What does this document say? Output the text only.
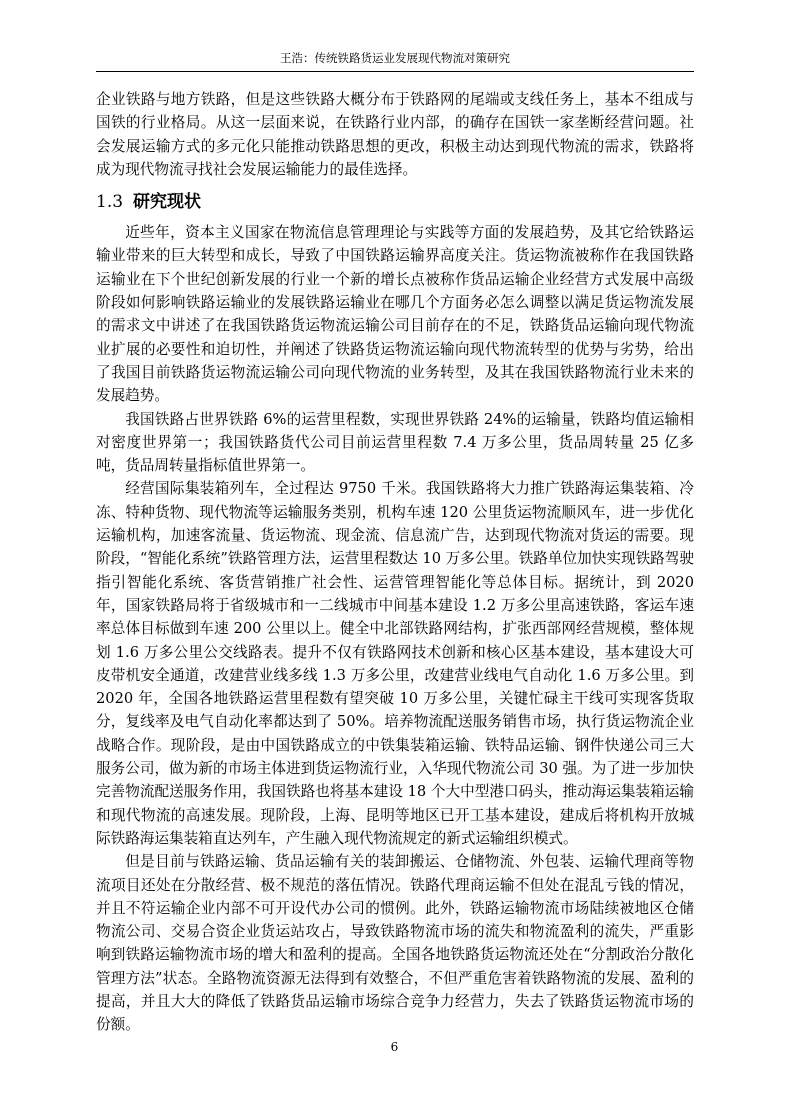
王浩：传统铁路货运业发展现代物流对策研究

企业铁路与地方铁路，但是这些铁路大概分布于铁路网的尾端或支线任务上，基本不组成与国铁的行业格局。从这一层面来说，在铁路行业内部，的确存在国铁一家垄断经营问题。社会发展运输方式的多元化只能推动铁路思想的更改，积极主动达到现代物流的需求，铁路将成为现代物流寻找社会发展运输能力的最佳选择。

1.3 研究现状

近些年，资本主义国家在物流信息管理理论与实践等方面的发展趋势，及其它给铁路运输业带来的巨大转型和成长，导致了中国铁路运输界高度关注。货运物流被称作在我国铁路运输业在下个世纪创新发展的行业一个新的增长点被称作货品运输企业经营方式发展中高级阶段如何影响铁路运输业的发展铁路运输业在哪几个方面务必怎么调整以满足货运物流发展的需求文中讲述了在我国铁路货运物流运输公司目前存在的不足，铁路货品运输向现代物流业扩展的必要性和迫切性，并阐述了铁路货运物流运输向现代物流转型的优势与劣势，给出了我国目前铁路货运物流运输公司向现代物流的业务转型，及其在我国铁路物流行业未来的发展趋势。

我国铁路占世界铁路 6%的运营里程数，实现世界铁路 24%的运输量，铁路均值运输相对密度世界第一；我国铁路货代公司目前运营里程数 7.4 万多公里，货品周转量 25 亿多吨，货品周转量指标值世界第一。

经营国际集装箱列车，全过程达 9750 千米。我国铁路将大力推广铁路海运集装箱、冷冻、特种货物、现代物流等运输服务类别，机构车速 120 公里货运物流顺风车，进一步优化运输机构，加速客流量、货运物流、现金流、信息流广告，达到现代物流对货运的需要。现阶段，“智能化系统”铁路管理方法，运营里程数达 10 万多公里。铁路单位加快实现铁路驾驶指引智能化系统、客货营销推广社会性、运营管理智能化等总体目标。据统计，到 2020 年，国家铁路局将于省级城市和一二线城市中间基本建设 1.2 万多公里高速铁路，客运车速率总体目标做到车速 200 公里以上。健全中北部铁路网结构，扩张西部网经营规模，整体规划 1.6 万多公里公交线路表。提升不仅有铁路网技术创新和核心区基本建设，基本建设大可皮带机安全通道，改建营业线多线 1.3 万多公里，改建营业线电气自动化 1.6 万多公里。到 2020 年，全国各地铁路运营里程数有望突破 10 万多公里，关键忙碌主干线可实现客货取分，复线率及电气自动化率都达到了 50%。培养物流配送服务销售市场，执行货运物流企业战略合作。现阶段，是由中国铁路成立的中铁集装箱运输、铁特品运输、钢件快递公司三大服务公司，做为新的市场主体进到货运物流行业，入华现代物流公司 30 强。为了进一步加快完善物流配送服务作用，我国铁路也将基本建设 18 个大中型港口码头，推动海运集装箱运输和现代物流的高速发展。现阶段，上海、昆明等地区已开工基本建设，建成后将机构开放城际铁路海运集装箱直达列车，产生融入现代物流规定的新式运输组织模式。

但是目前与铁路运输、货品运输有关的装卸搬运、仓储物流、外包装、运输代理商等物流项目还处在分散经营、极不规范的落伍情况。铁路代理商运输不但处在混乱亏钱的情况，并且不符运输企业内部不可开设代办公司的惯例。此外，铁路运输物流市场陆续被地区仓储物流公司、交易合资企业货运站攻占，导致铁路物流市场的流失和物流盈利的流失，严重影响到铁路运输物流市场的增大和盈利的提高。全国各地铁路货运物流还处在“分割政治分散化管理方法”状态。全路物流资源无法得到有效整合，不但严重危害着铁路物流的发展、盈利的提高，并且大大的降低了铁路货品运输市场综合竞争力经营力，失去了铁路货运物流市场的份额。

6
